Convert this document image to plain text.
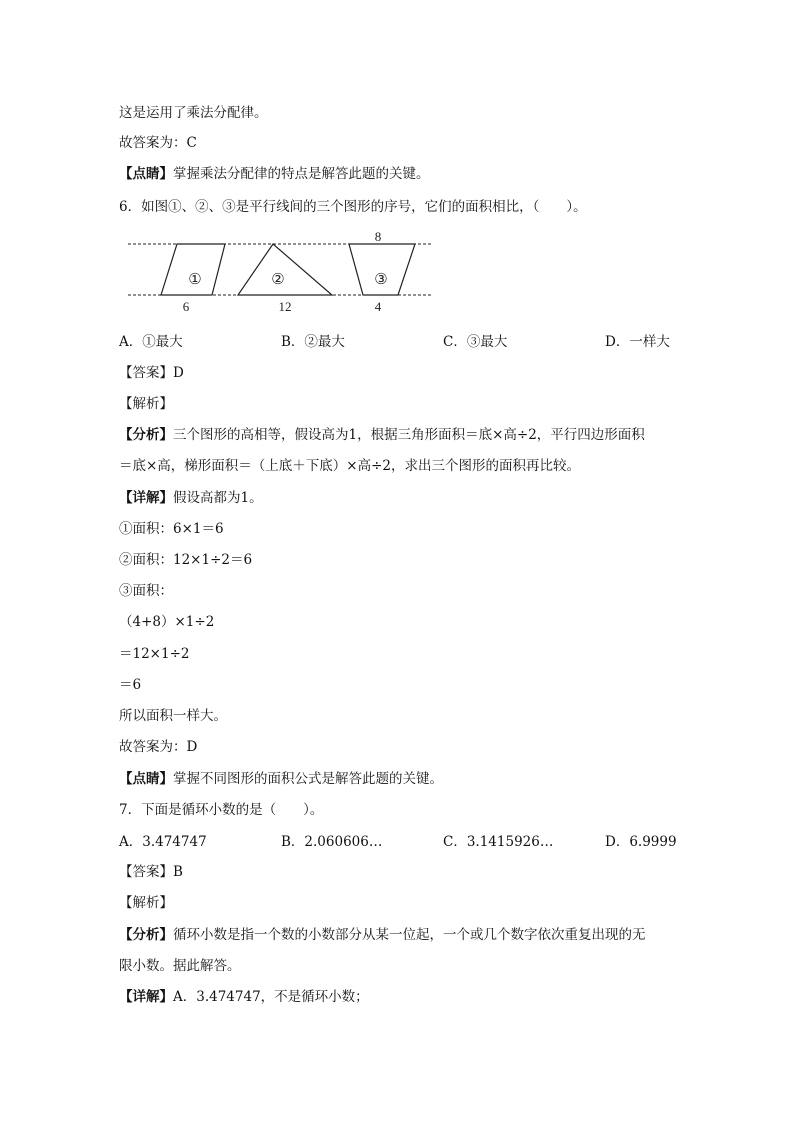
这是运用了乘法分配律。
故答案为：C
【点睛】掌握乘法分配律的特点是解答此题的关键。
6．如图①、②、③是平行线间的三个图形的序号，它们的面积相比，（　　）。
①	②	③
6	12	4
8
A．①最大	B．②最大	C．③最大	D．一样大
【答案】D
【解析】
【分析】三个图形的高相等，假设高为1，根据三角形面积＝底×高÷2，平行四边形面积
＝底×高，梯形面积＝（上底＋下底）×高÷2，求出三个图形的面积再比较。
【详解】假设高都为1。
①面积：6×1＝6
②面积：12×1÷2＝6
③面积：
（4+8）×1÷2
＝12×1÷2
＝6
所以面积一样大。
故答案为：D
【点睛】掌握不同图形的面积公式是解答此题的关键。
7．下面是循环小数的是（　　）。
A．3.474747	B．2.060606…	C．3.1415926…	D．6.9999
【答案】B
【解析】
【分析】循环小数是指一个数的小数部分从某一位起，一个或几个数字依次重复出现的无
限小数。据此解答。
【详解】A．3.474747，不是循环小数；
